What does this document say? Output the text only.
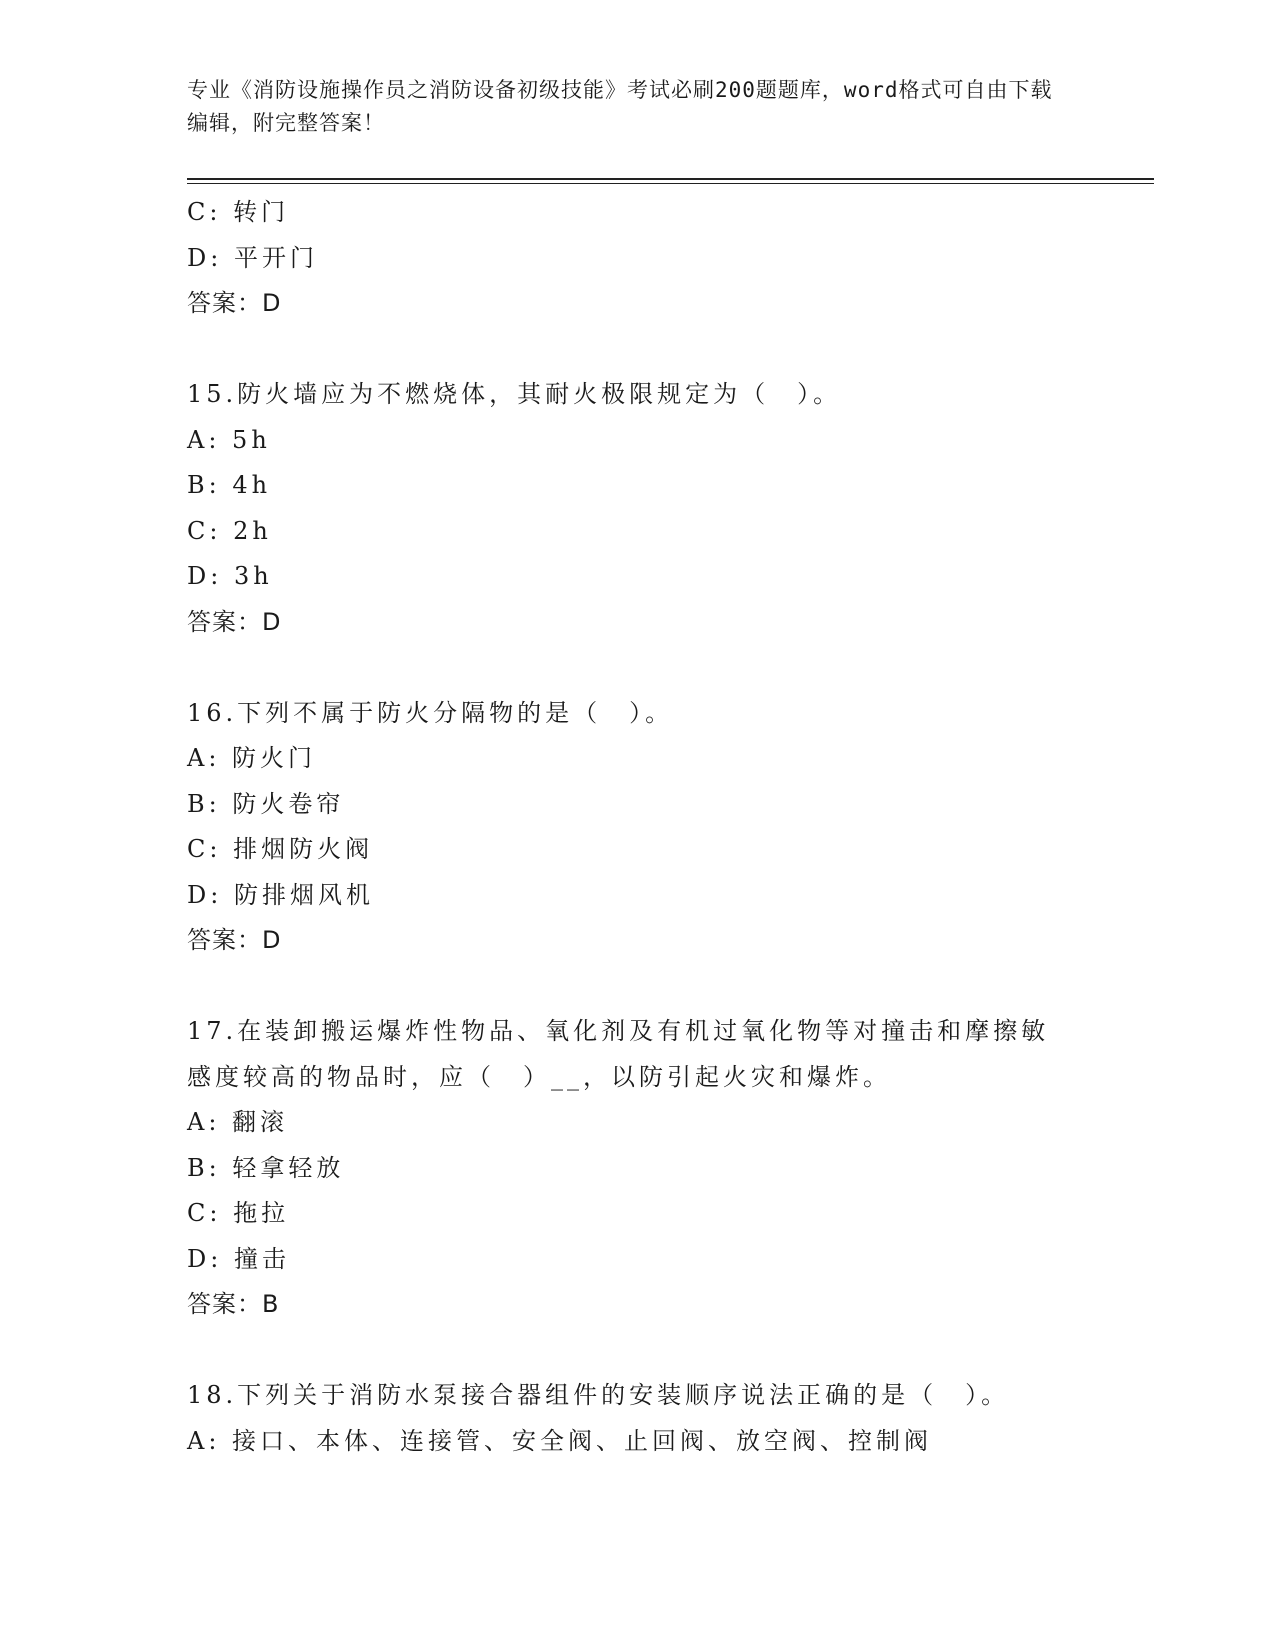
专业《消防设施操作员之消防设备初级技能》考试必刷200题题库，word格式可自由下载编辑，附完整答案！
C: 转门
D: 平开门
答案：D
15.防火墙应为不燃烧体，其耐火极限规定为（　）。
A: 5h
B: 4h
C: 2h
D: 3h
答案：D
16.下列不属于防火分隔物的是（　）。
A: 防火门
B: 防火卷帘
C: 排烟防火阀
D: 防排烟风机
答案：D
17.在装卸搬运爆炸性物品、氧化剂及有机过氧化物等对撞击和摩擦敏感度较高的物品时，应（　）__，以防引起火灾和爆炸。
A: 翻滚
B: 轻拿轻放
C: 拖拉
D: 撞击
答案：B
18.下列关于消防水泵接合器组件的安装顺序说法正确的是（　）。
A: 接口、本体、连接管、安全阀、止回阀、放空阀、控制阀
